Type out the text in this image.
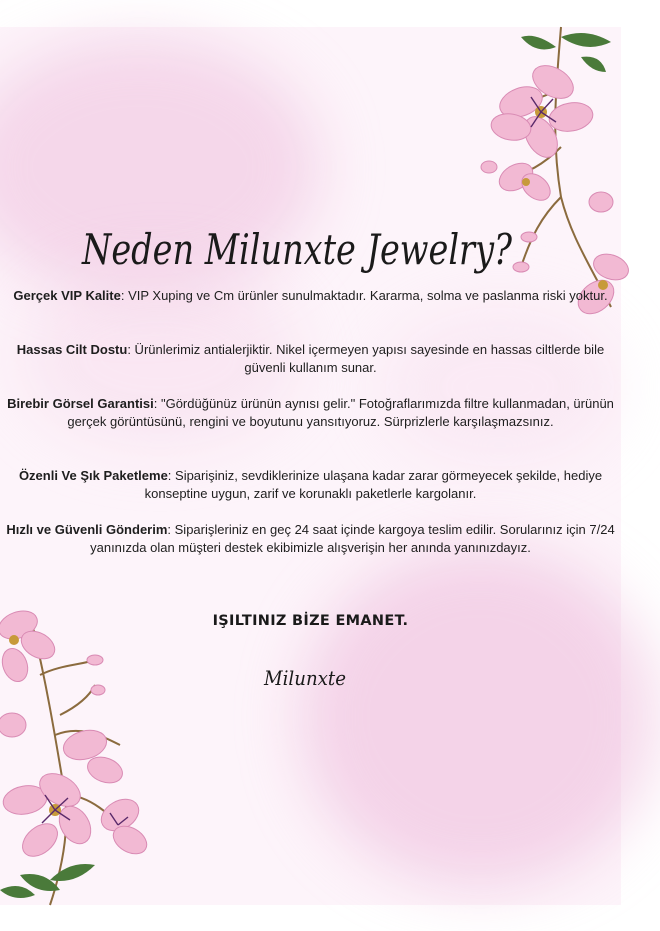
Neden Milunxte Jewelry?
Gerçek VIP Kalite: VIP Xuping ve Cm ürünler sunulmaktadır. Kararma, solma ve paslanma riski yoktur.
Hassas Cilt Dostu: Ürünlerimiz antialerjiktir. Nikel içermeyen yapısı sayesinde en hassas ciltlerde bile güvenli kullanım sunar.
Birebir Görsel Garantisi: "Gördüğünüz ürünün aynısı gelir." Fotoğraflarımızda filtre kullanmadan, ürünün gerçek görüntüsünü, rengini ve boyutunu yansıtıyoruz. Sürprizlerle karşılaşmazsınız.
Özenli Ve Şık Paketleme: Siparişiniz, sevdiklerinize ulaşana kadar zarar görmeyecek şekilde, hediye konseptine uygun, zarif ve korunaklı paketlerle kargolanır.
Hızlı ve Güvenli Gönderim: Siparişleriniz en geç 24 saat içinde kargoya teslim edilir. Sorularınız için 7/24 yanınızda olan müşteri destek ekibimizle alışverişin her anında yanınızdayız.
IŞILTINIZ BİZE EMANET.
Milunxte
